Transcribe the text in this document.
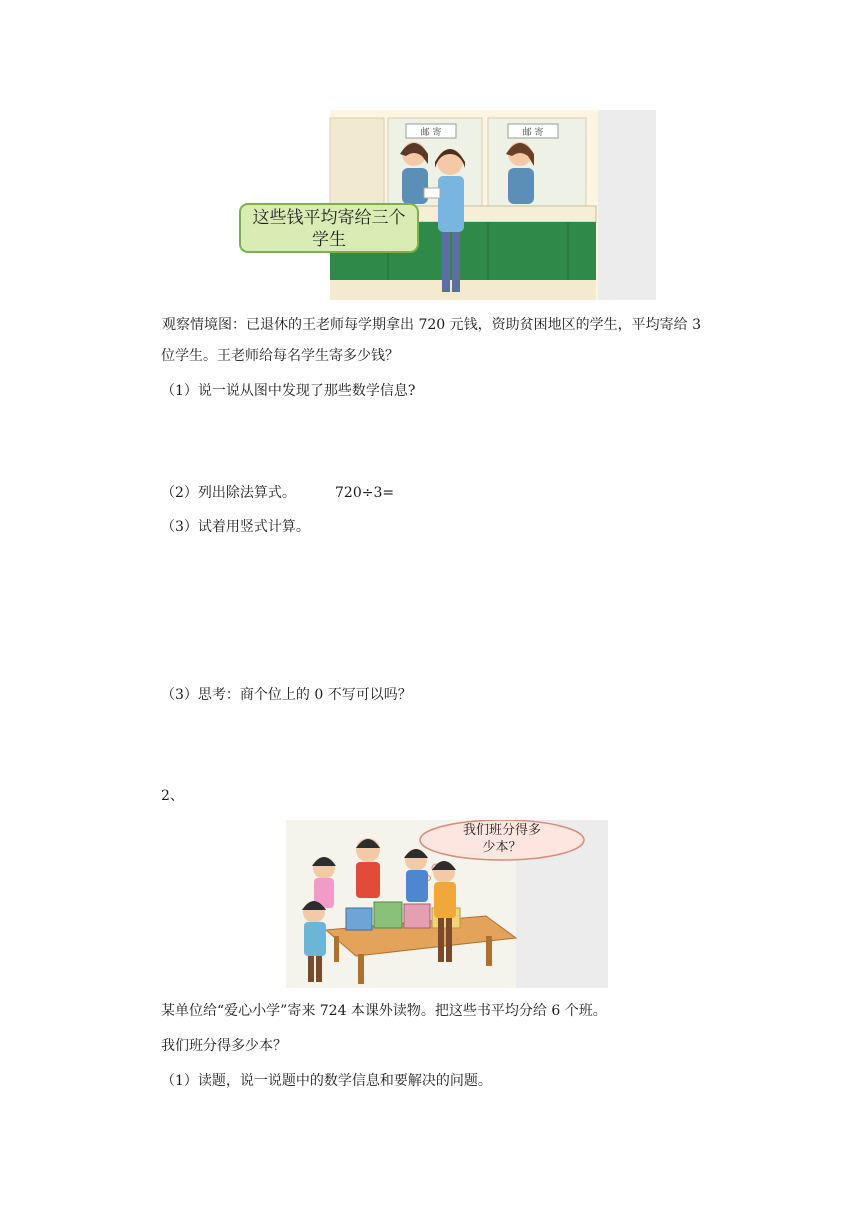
邮 寄	邮 寄
这些钱平均寄给三个
学生
观察情境图：已退休的王老师每学期拿出 720 元钱，资助贫困地区的学生，平均寄给 3
位学生。王老师给每名学生寄多少钱？
（1）说一说从图中发现了那些数学信息?
（2）列出除法算式。	720÷3=
（3）试着用竖式计算。
（3）思考：商个位上的 0 不写可以吗？
2、
我们班分得多
少本？
某单位给“爱心小学”寄来 724 本课外读物。把这些书平均分给 6 个班。
我们班分得多少本？
（1）读题，说一说题中的数学信息和要解决的问题。
